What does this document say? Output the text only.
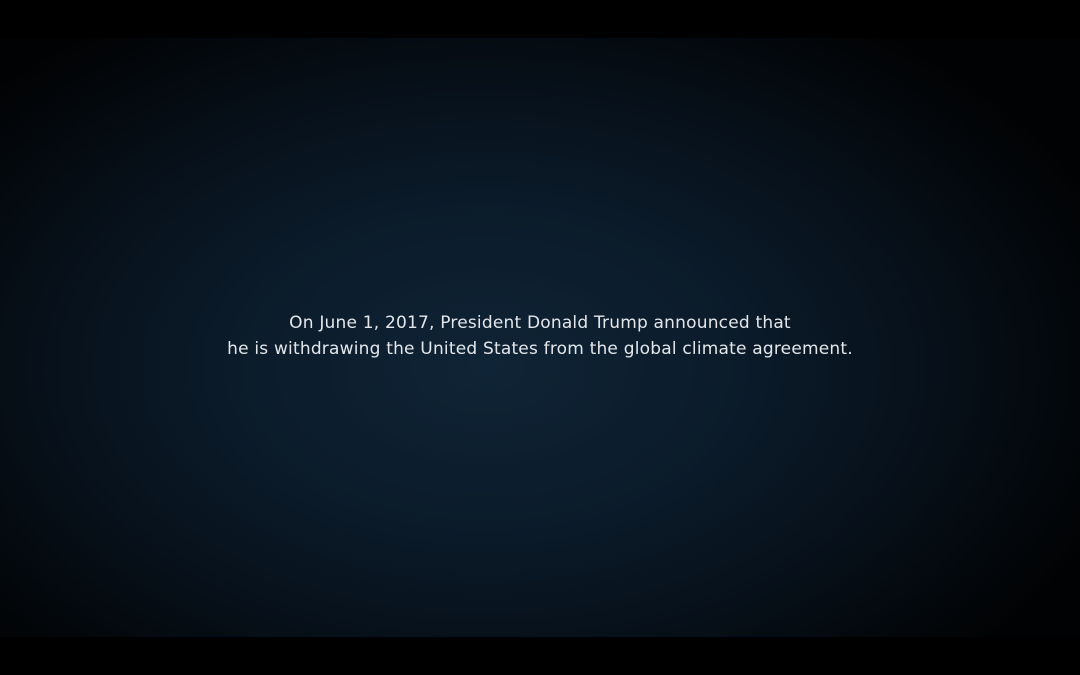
On June 1, 2017, President Donald Trump announced that
he is withdrawing the United States from the global climate agreement.
